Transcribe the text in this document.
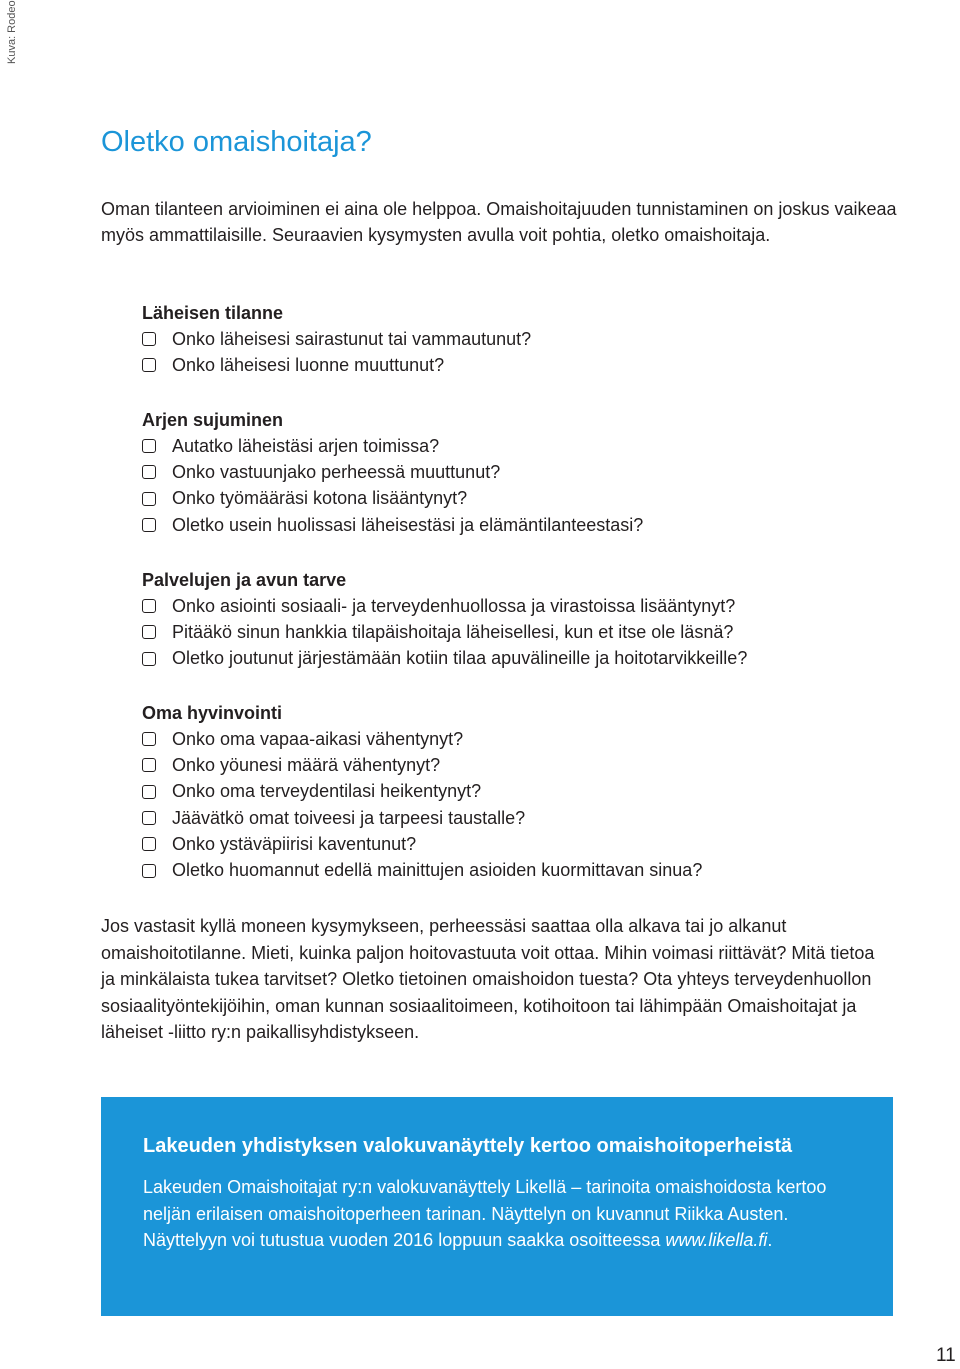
Kuva: Rodeo
Oletko omaishoitaja?

Oman tilanteen arvioiminen ei aina ole helppoa. Omaishoitajuuden tunnistaminen on joskus vaikeaa myös ammattilaisille. Seuraavien kysymysten avulla voit pohtia, oletko omaishoitaja.

Läheisen tilanne
Onko läheisesi sairastunut tai vammautunut?
Onko läheisesi luonne muuttunut?
Arjen sujuminen
Autatko läheistäsi arjen toimissa?
Onko vastuunjako perheessä muuttunut?
Onko työmääräsi kotona lisääntynyt?
Oletko usein huolissasi läheisestäsi ja elämäntilanteestasi?
Palvelujen ja avun tarve
Onko asiointi sosiaali- ja terveydenhuollossa ja virastoissa lisääntynyt?
Pitääkö sinun hankkia tilapäishoitaja läheisellesi, kun et itse ole läsnä?
Oletko joutunut järjestämään kotiin tilaa apuvälineille ja hoitotarvikkeille?
Oma hyvinvointi
Onko oma vapaa-aikasi vähentynyt?
Onko yöunesi määrä vähentynyt?
Onko oma terveydentilasi heikentynyt?
Jäävätkö omat toiveesi ja tarpeesi taustalle?
Onko ystäväpiirisi kaventunut?
Oletko huomannut edellä mainittujen asioiden kuormittavan sinua?

Jos vastasit kyllä moneen kysymykseen, perheessäsi saattaa olla alkava tai jo alkanut omaishoitotilanne. Mieti, kuinka paljon hoitovastuuta voit ottaa. Mihin voimasi riittävät? Mitä tietoa ja minkälaista tukea tarvitset? Oletko tietoinen omaishoidon tuesta? Ota yhteys terveydenhuollon sosiaalityöntekijöihin, oman kunnan sosiaalitoimeen, kotihoitoon tai lähimpään Omaishoitajat ja läheiset -liitto ry:n paikallisyhdistykseen.

Lakeuden yhdistyksen valokuvanäyttely kertoo omaishoitoperheistä

Lakeuden Omaishoitajat ry:n valokuvanäyttely Likellä – tarinoita omaishoidosta kertoo neljän erilaisen omaishoitoperheen tarinan. Näyttelyn on kuvannut Riikka Austen. Näyttelyyn voi tutustua vuoden 2016 loppuun saakka osoitteessa www.likella.fi.

11
